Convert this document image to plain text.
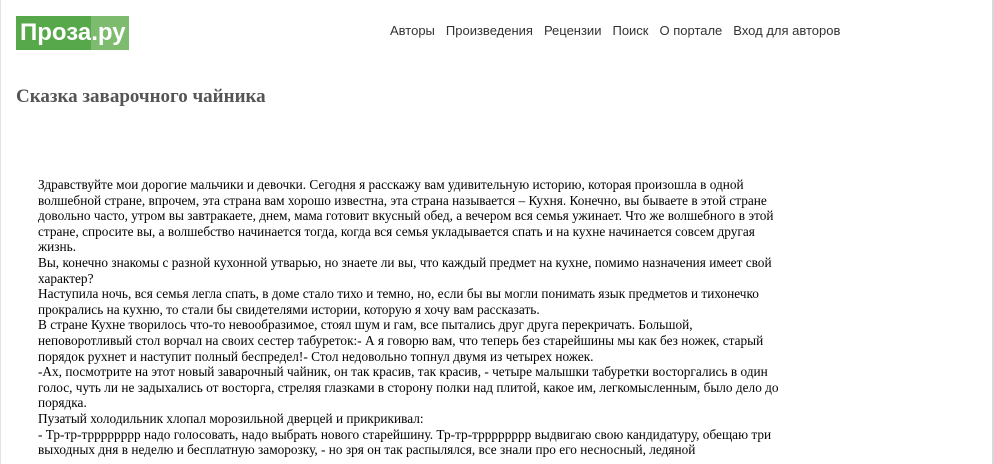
Проза .ру	Авторы Произведения Рецензии Поиск О портале Вход для авторов
Сказка заварочного чайника

Здравствуйте мои дорогие мальчики и девочки. Сегодня я расскажу вам удивительную историю, которая произошла в одной волшебной стране, впрочем, эта страна вам хорошо известна, эта страна называется – Кухня. Конечно, вы бываете в этой стране довольно часто, утром вы завтракаете, днем, мама готовит вкусный обед, а вечером вся семья ужинает. Что же волшебного в этой стране, спросите вы, а волшебство начинается тогда, когда вся семья укладывается спать и на кухне начинается совсем другая жизнь.

Вы, конечно знакомы с разной кухонной утварью, но знаете ли вы, что каждый предмет на кухне, помимо назначения имеет свой характер?

Наступила ночь, вся семья легла спать, в доме стало тихо и темно, но, если бы вы могли понимать язык предметов и тихонечко прокрались на кухню, то стали бы свидетелями истории, которую я хочу вам рассказать.

В стране Кухне творилось что-то невообразимое, стоял шум и гам, все пытались друг друга перекричать. Большой, неповоротливый стол ворчал на своих сестер табуреток:- А я говорю вам, что теперь без старейшины мы как без ножек, старый порядок рухнет и наступит полный беспредел!- Стол недовольно топнул двумя из четырех ножек.

-Ах, посмотрите на этот новый заварочный чайник, он так красив, так красив, - четыре малышки табуретки восторгались в один голос, чуть ли не задыхались от восторга, стреляя глазками в сторону полки над плитой, какое им, легкомысленным, было дело до порядка.

Пузатый холодильник хлопал морозильной дверцей и прикрикивал:

- Тр-тр-трррррррр надо голосовать, надо выбрать нового старейшину. Тр-тр-трррррррр выдвигаю свою кандидатуру, обещаю три выходных дня в неделю и бесплатную заморозку, - но зря он так распылялся, все знали про его несносный, ледяной
